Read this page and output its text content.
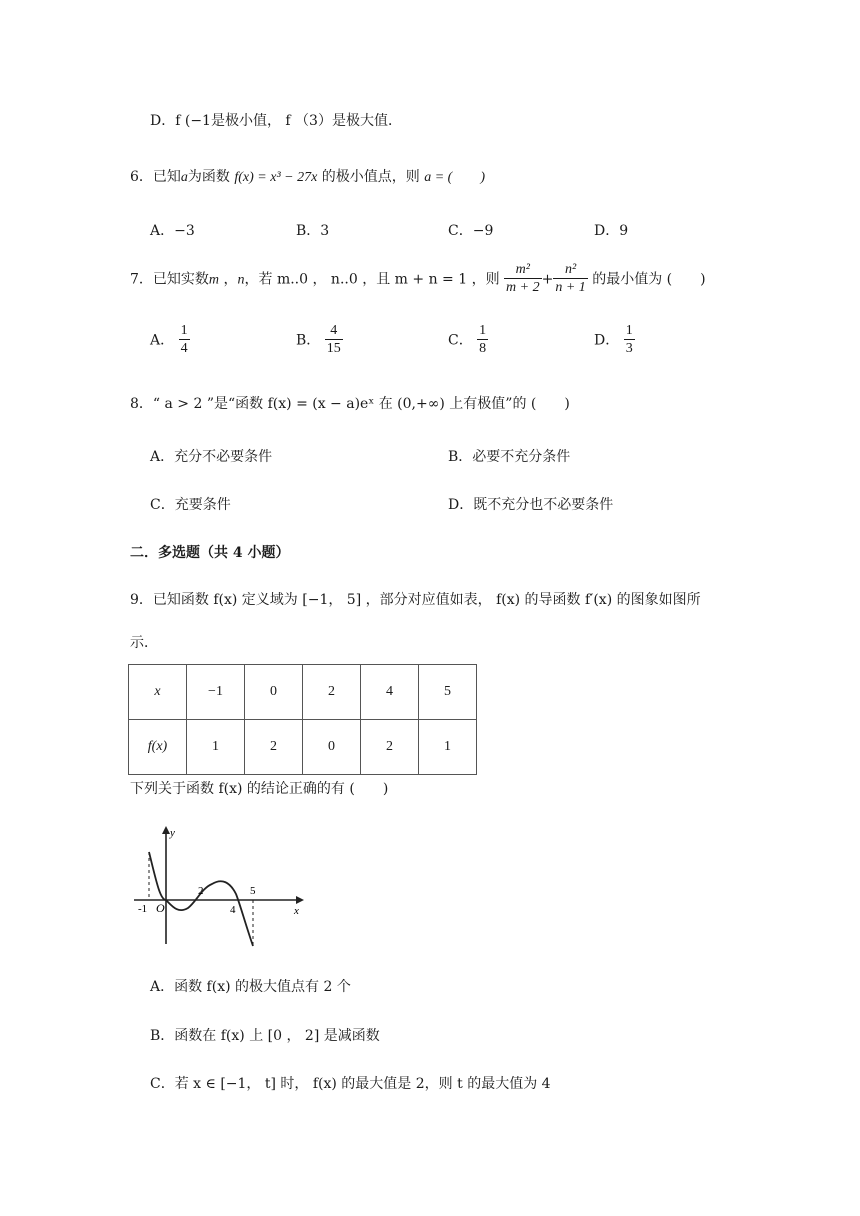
D．f (−1是极小值， f （3）是极大值．
6．已知a为函数 f(x) = x³ − 27x 的极小值点，则 a = (　　)
A．−3	B．3	C．−9	D．9
7．已知实数m ，n，若 m..0 ， n..0 ，且 m + n = 1 ，则 $\frac{\text{m²}}{m + 2} + \frac{\text{n²}}{n + 1}$ 的最小值为 (　　)
A． $\frac{1}{4}$	B． $\frac{4}{15}$	C． $\frac{1}{8}$	D． $\frac{1}{3}$
8．“ a > 2 ”是“函数 f(x) = (x − a)eˣ 在 (0,+∞) 上有极值”的 (　　)
A．充分不必要条件	B．必要不充分条件
C．充要条件	D．既不充分也不必要条件
二．多选题（共 4 小题）
9．已知函数 f(x) 定义域为 [−1， 5] ，部分对应值如表， f(x) 的导函数 f′(x) 的图象如图所
示．
x	−1	0	2	4	5
f(x)	1	2	0	2	1
下列关于函数 f(x) 的结论正确的有 (　　)
y
x
-1 O
2
4
5
A．函数 f(x) 的极大值点有 2 个
B．函数在 f(x) 上 [0 ， 2] 是减函数
C．若 x ∈ [−1， t] 时， f(x) 的最大值是 2，则 t 的最大值为 4
